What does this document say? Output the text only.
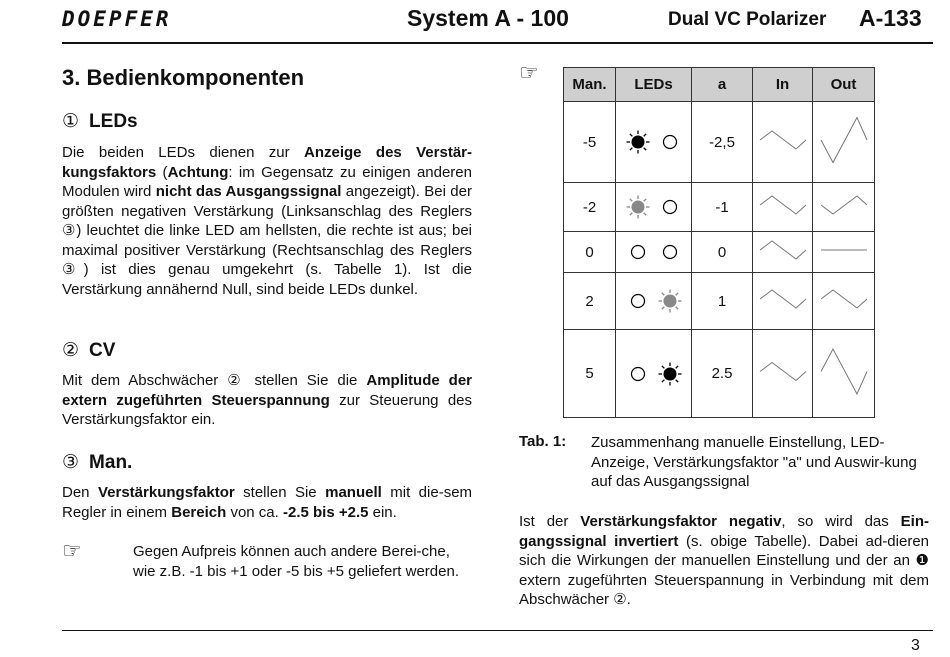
DOEPFER	System A - 100	Dual VC Polarizer A-133
3. Bedienkomponenten
① LEDs
Die beiden LEDs dienen zur Anzeige des Verstär-kungsfaktors (Achtung: im Gegensatz zu einigen anderen Modulen wird nicht das Ausgangssignal angezeigt). Bei der größten negativen Verstärkung (Linksanschlag des Reglers ③) leuchtet die linke LED am hellsten, die rechte ist aus; bei maximal positiver Verstärkung (Rechtsanschlag des Reglers ③) ist dies genau umgekehrt (s. Tabelle 1). Ist die Verstärkung annähernd Null, sind beide LEDs dunkel.
② CV
Mit dem Abschwächer ② stellen Sie die Amplitude der extern zugeführten Steuerspannung zur Steuerung des Verstärkungsfaktor ein.
③ Man.
Den Verstärkungsfaktor stellen Sie manuell mit die-sem Regler in einem Bereich von ca. -2.5 bis +2.5 ein.
☞	Gegen Aufpreis können auch andere Berei-che, wie z.B. -1 bis +1 oder -5 bis +5 geliefert werden.
☞ Man.	LEDs	a	In	Out
-5		-2,5		
-2		-1		
0		0		
2		1		
5		2.5		
Tab. 1: Zusammenhang manuelle Einstellung, LED-Anzeige, Verstärkungsfaktor "a" und Auswir-kung auf das Ausgangssignal
Ist der Verstärkungsfaktor negativ, so wird das Ein-gangssignal invertiert (s. obige Tabelle). Dabei ad-dieren sich die Wirkungen der manuellen Einstellung und der an ❶ extern zugeführten Steuerspannung in Verbindung mit dem Abschwächer ②.
3
